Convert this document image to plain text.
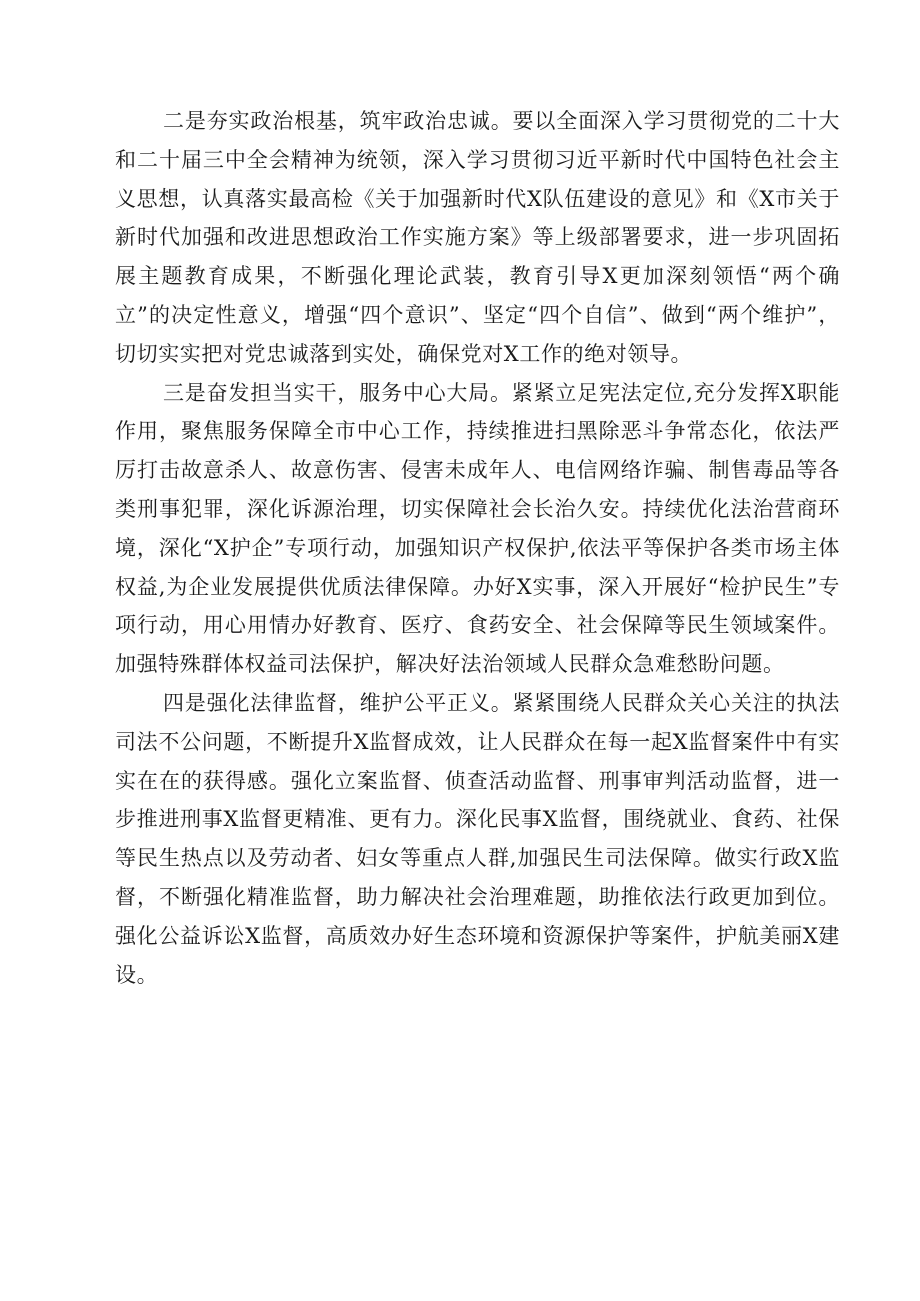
二是夯实政治根基，筑牢政治忠诚。要以全面深入学习贯彻党的二十大和二十届三中全会精神为统领，深入学习贯彻习近平新时代中国特色社会主义思想，认真落实最高检《关于加强新时代X队伍建设的意见》和《X市关于新时代加强和改进思想政治工作实施方案》等上级部署要求，进一步巩固拓展主题教育成果，不断强化理论武装，教育引导X更加深刻领悟“两个确立”的决定性意义，增强“四个意识”、坚定“四个自信”、做到“两个维护”，切切实实把对党忠诚落到实处，确保党对X工作的绝对领导。

三是奋发担当实干，服务中心大局。紧紧立足宪法定位,充分发挥X职能作用，聚焦服务保障全市中心工作，持续推进扫黑除恶斗争常态化，依法严厉打击故意杀人、故意伤害、侵害未成年人、电信网络诈骗、制售毒品等各类刑事犯罪，深化诉源治理，切实保障社会长治久安。持续优化法治营商环境，深化“X护企”专项行动，加强知识产权保护,依法平等保护各类市场主体权益,为企业发展提供优质法律保障。办好X实事，深入开展好“检护民生”专项行动，用心用情办好教育、医疗、食药安全、社会保障等民生领域案件。加强特殊群体权益司法保护，解决好法治领域人民群众急难愁盼问题。

四是强化法律监督，维护公平正义。紧紧围绕人民群众关心关注的执法司法不公问题，不断提升X监督成效，让人民群众在每一起X监督案件中有实实在在的获得感。强化立案监督、侦查活动监督、刑事审判活动监督，进一步推进刑事X监督更精准、更有力。深化民事X监督，围绕就业、食药、社保等民生热点以及劳动者、妇女等重点人群,加强民生司法保障。做实行政X监督，不断强化精准监督，助力解决社会治理难题，助推依法行政更加到位。强化公益诉讼X监督，高质效办好生态环境和资源保护等案件，护航美丽X建设。
